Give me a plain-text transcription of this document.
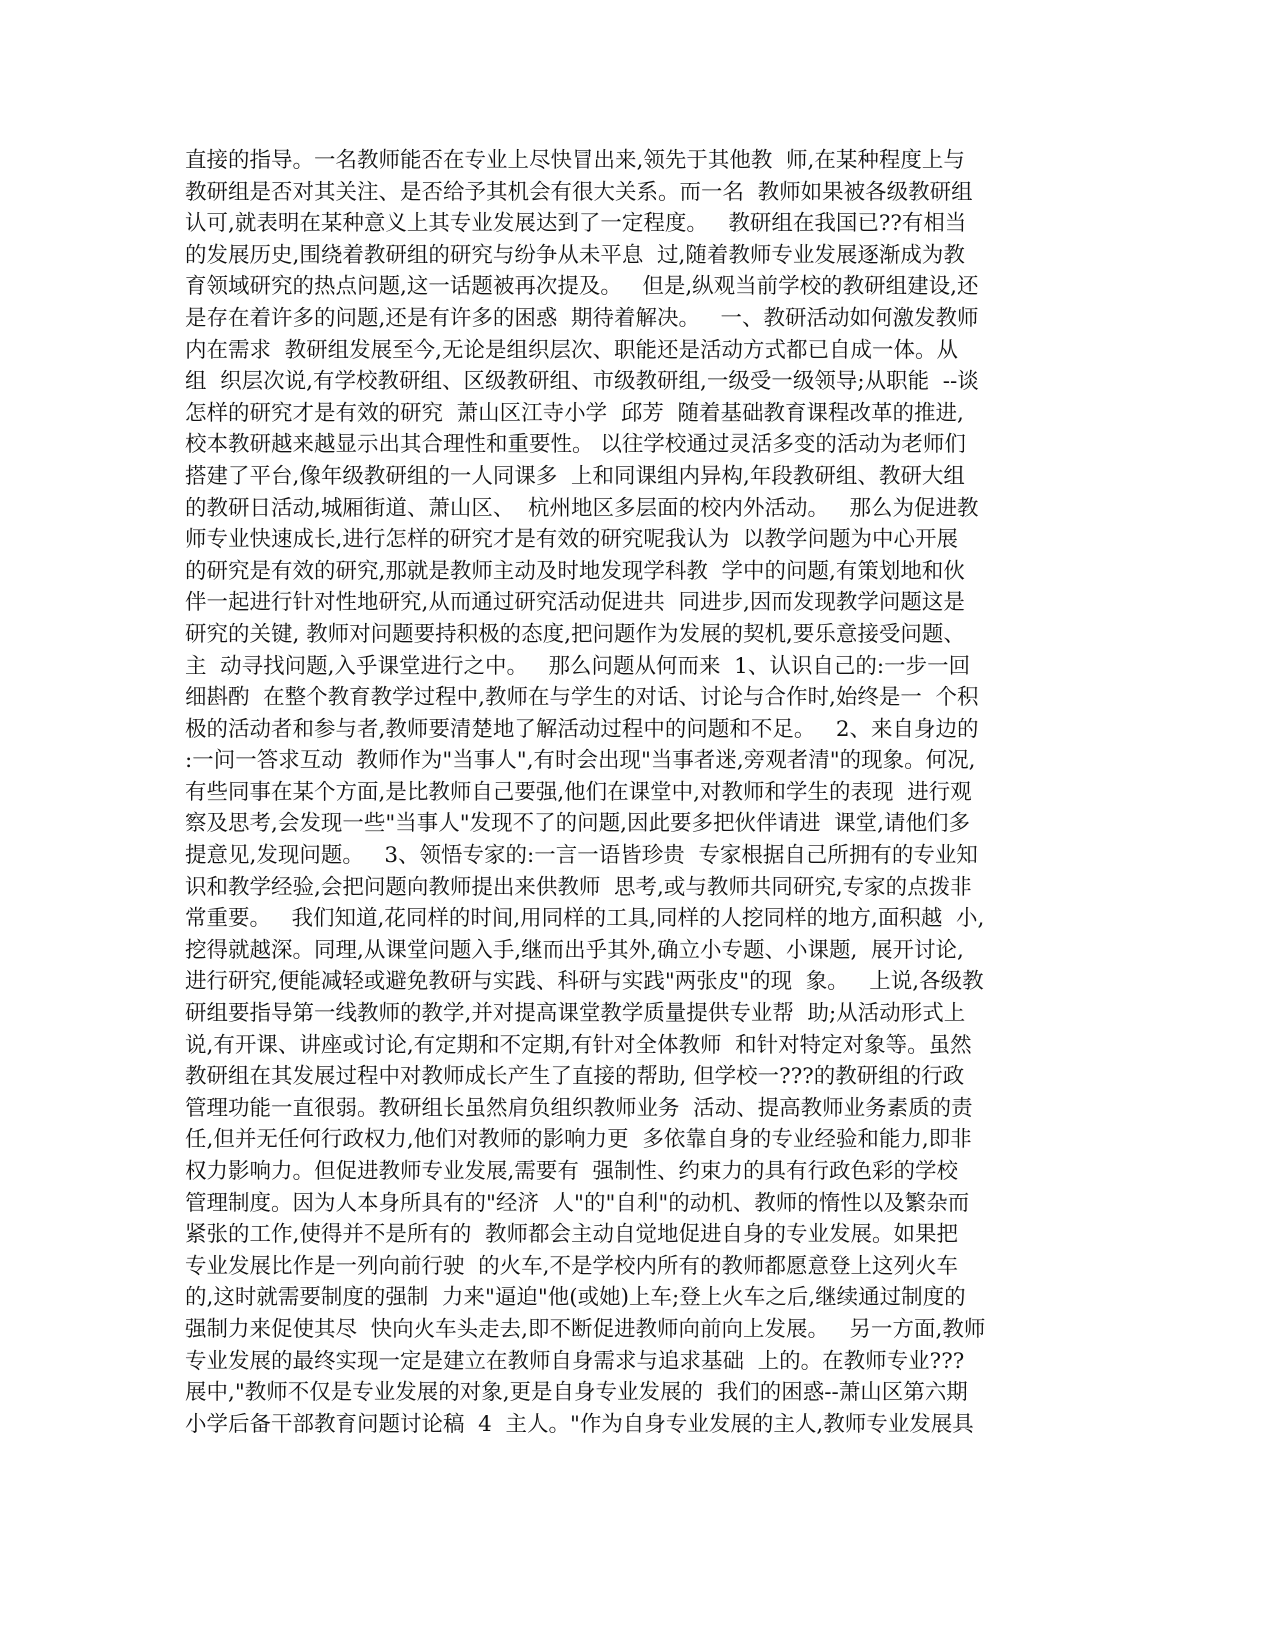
直接的指导。一名教师能否在专业上尽快冒出来,领先于其他教  师,在某种程度上与
教研组是否对其关注、是否给予其机会有很大关系。而一名  教师如果被各级教研组
认可,就表明在某种意义上其专业发展达到了一定程度。   教研组在我国已??有相当
的发展历史,围绕着教研组的研究与纷争从未平息  过,随着教师专业发展逐渐成为教
育领域研究的热点问题,这一话题被再次提及。   但是,纵观当前学校的教研组建设,还
是存在着许多的问题,还是有许多的困惑  期待着解决。   一、教研活动如何激发教师
内在需求  教研组发展至今,无论是组织层次、职能还是活动方式都已自成一体。从
组  织层次说,有学校教研组、区级教研组、市级教研组,一级受一级领导;从职能  --谈
怎样的研究才是有效的研究  萧山区江寺小学  邱芳  随着基础教育课程改革的推进,
校本教研越来越显示出其合理性和重要性。 以往学校通过灵活多变的活动为老师们
搭建了平台,像年级教研组的一人同课多  上和同课组内异构,年段教研组、教研大组
的教研日活动,城厢街道、萧山区、  杭州地区多层面的校内外活动。   那么为促进教
师专业快速成长,进行怎样的研究才是有效的研究呢我认为  以教学问题为中心开展
的研究是有效的研究,那就是教师主动及时地发现学科教  学中的问题,有策划地和伙
伴一起进行针对性地研究,从而通过研究活动促进共  同进步,因而发现教学问题这是
研究的关键, 教师对问题要持积极的态度,把问题作为发展的契机,要乐意接受问题、
主  动寻找问题,入乎课堂进行之中。   那么问题从何而来  1、认识自己的:一步一回
细斟酌  在整个教育教学过程中,教师在与学生的对话、讨论与合作时,始终是一  个积
极的活动者和参与者,教师要清楚地了解活动过程中的问题和不足。   2、来自身边的
:一问一答求互动  教师作为"当事人",有时会出现"当事者迷,旁观者清"的现象。何况,
有些同事在某个方面,是比教师自己要强,他们在课堂中,对教师和学生的表现  进行观
察及思考,会发现一些"当事人"发现不了的问题,因此要多把伙伴请进  课堂,请他们多
提意见,发现问题。   3、领悟专家的:一言一语皆珍贵  专家根据自己所拥有的专业知
识和教学经验,会把问题向教师提出来供教师  思考,或与教师共同研究,专家的点拨非
常重要。   我们知道,花同样的时间,用同样的工具,同样的人挖同样的地方,面积越  小,
挖得就越深。同理,从课堂问题入手,继而出乎其外,确立小专题、小课题,  展开讨论,
进行研究,便能减轻或避免教研与实践、科研与实践"两张皮"的现  象。   上说,各级教
研组要指导第一线教师的教学,并对提高课堂教学质量提供专业帮  助;从活动形式上
说,有开课、讲座或讨论,有定期和不定期,有针对全体教师  和针对特定对象等。虽然
教研组在其发展过程中对教师成长产生了直接的帮助, 但学校一???的教研组的行政
管理功能一直很弱。教研组长虽然肩负组织教师业务  活动、提高教师业务素质的责
任,但并无任何行政权力,他们对教师的影响力更  多依靠自身的专业经验和能力,即非
权力影响力。但促进教师专业发展,需要有  强制性、约束力的具有行政色彩的学校
管理制度。因为人本身所具有的"经济  人"的"自利"的动机、教师的惰性以及繁杂而
紧张的工作,使得并不是所有的  教师都会主动自觉地促进自身的专业发展。如果把
专业发展比作是一列向前行驶  的火车,不是学校内所有的教师都愿意登上这列火车
的,这时就需要制度的强制  力来"逼迫"他(或她)上车;登上火车之后,继续通过制度的
强制力来促使其尽  快向火车头走去,即不断促进教师向前向上发展。   另一方面,教师
专业发展的最终实现一定是建立在教师自身需求与追求基础  上的。在教师专业???
展中,"教师不仅是专业发展的对象,更是自身专业发展的  我们的困惑--萧山区第六期
小学后备干部教育问题讨论稿  4  主人。"作为自身专业发展的主人,教师专业发展具
